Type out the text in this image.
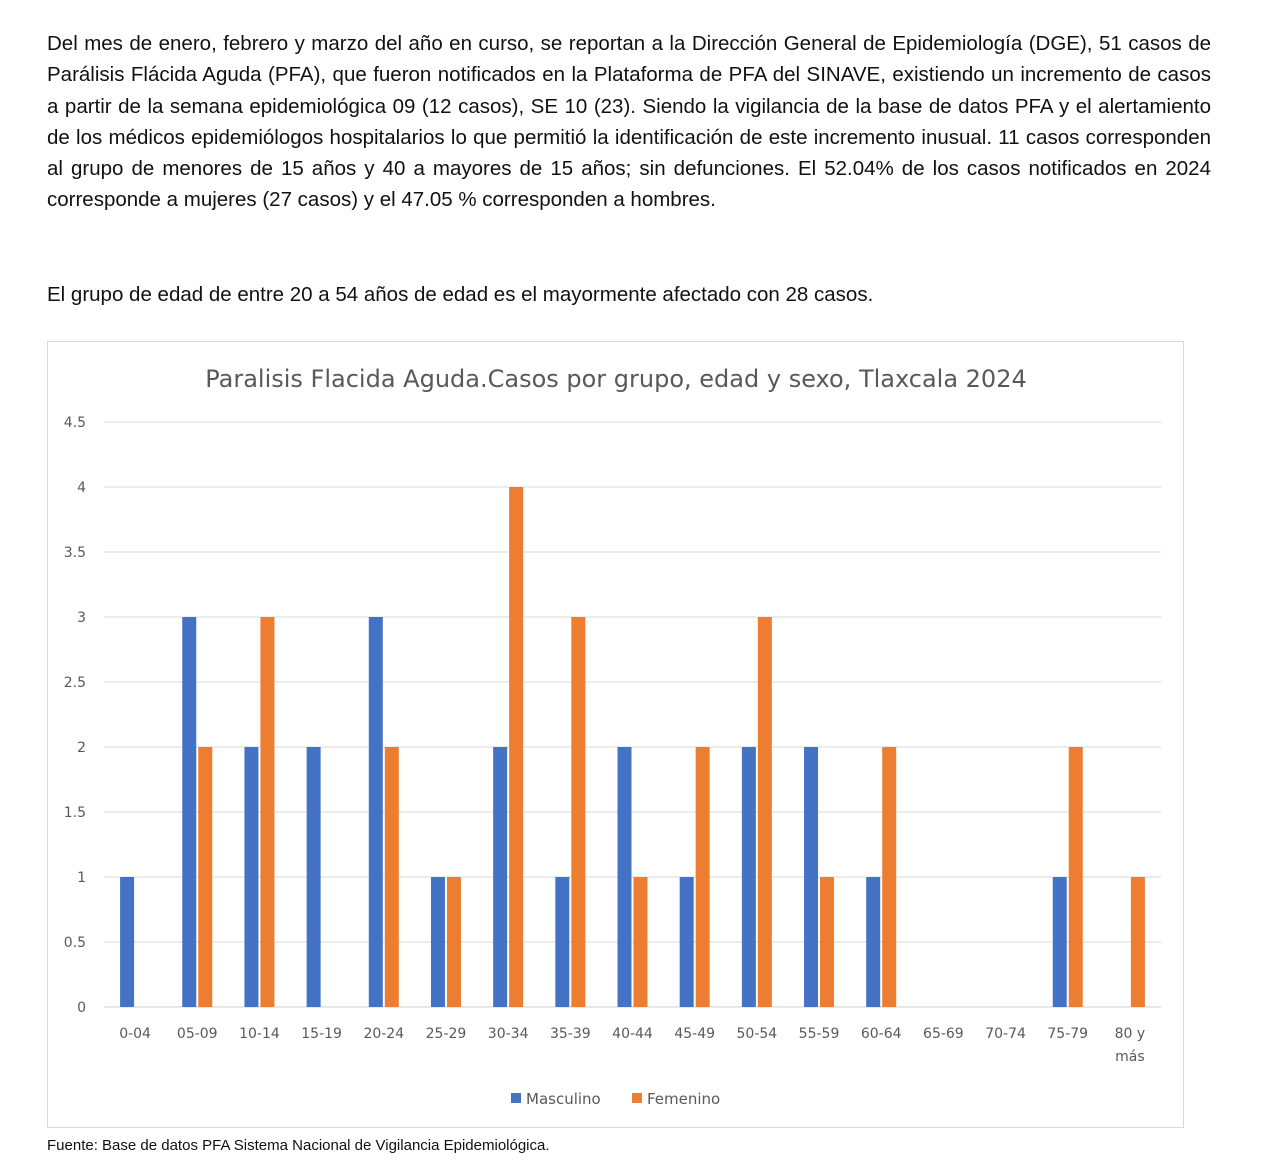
Del mes de enero, febrero y marzo del año en curso, se reportan a la Dirección General de Epidemiología (DGE), 51 casos de Parálisis Flácida Aguda (PFA), que fueron notificados en la Plataforma de PFA del SINAVE, existiendo un incremento de casos a partir de la semana epidemiológica 09 (12 casos), SE 10 (23). Siendo la vigilancia de la base de datos PFA y el alertamiento de los médicos epidemiólogos hospitalarios lo que permitió la identificación de este incremento inusual. 11 casos corresponden al grupo de menores de 15 años y 40 a mayores de 15 años; sin defunciones. El 52.04% de los casos notificados en 2024 corresponde a mujeres (27 casos) y el 47.05 % corresponden a hombres.

El grupo de edad de entre 20 a 54 años de edad es el mayormente afectado con 28 casos.

Paralisis Flacida Aguda.Casos por grupo, edad y sexo, Tlaxcala 2024
0
0.5
1
1.5
2
2.5
3
3.5
4
4.5
0-04 05-09 10-14 15-19 20-24 25-29 30-34 35-39 40-44 45-49 50-54 55-59 60-64 65-69 70-74 75-79 80 y más
Masculino	Femenino

Fuente: Base de datos PFA Sistema Nacional de Vigilancia Epidemiológica.
